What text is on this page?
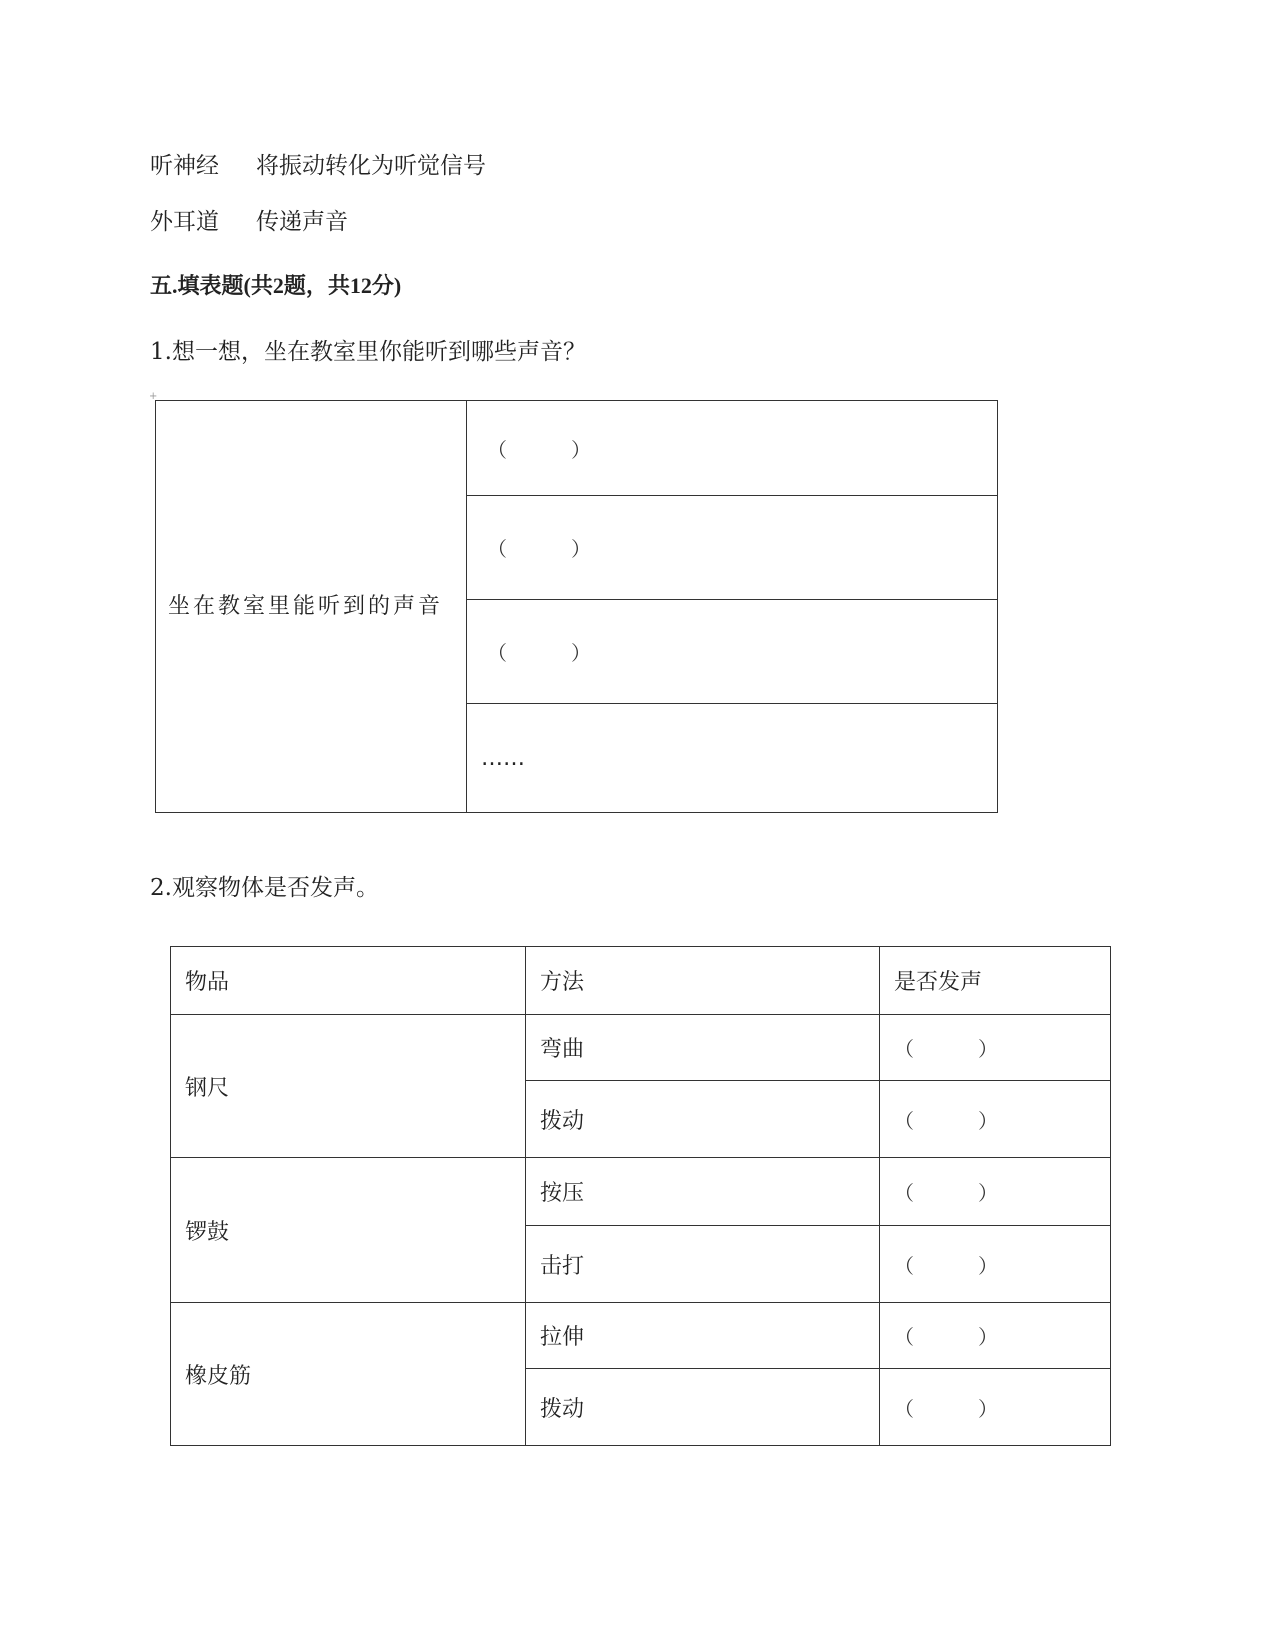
听神经 将振动转化为听觉信号
外耳道 传递声音
五.填表题(共2题，共12分)
1.想一想，坐在教室里你能听到哪些声音？
+
坐在教室里能听到的声音	（	）
（	）
（	）
……
2.观察物体是否发声。
物品	方法	是否发声
钢尺	弯曲	（ ）
	拨动	（ ）
锣鼓	按压	（ ）
	击打	（ ）
橡皮筋	拉伸	（ ）
	拨动	（ ）
